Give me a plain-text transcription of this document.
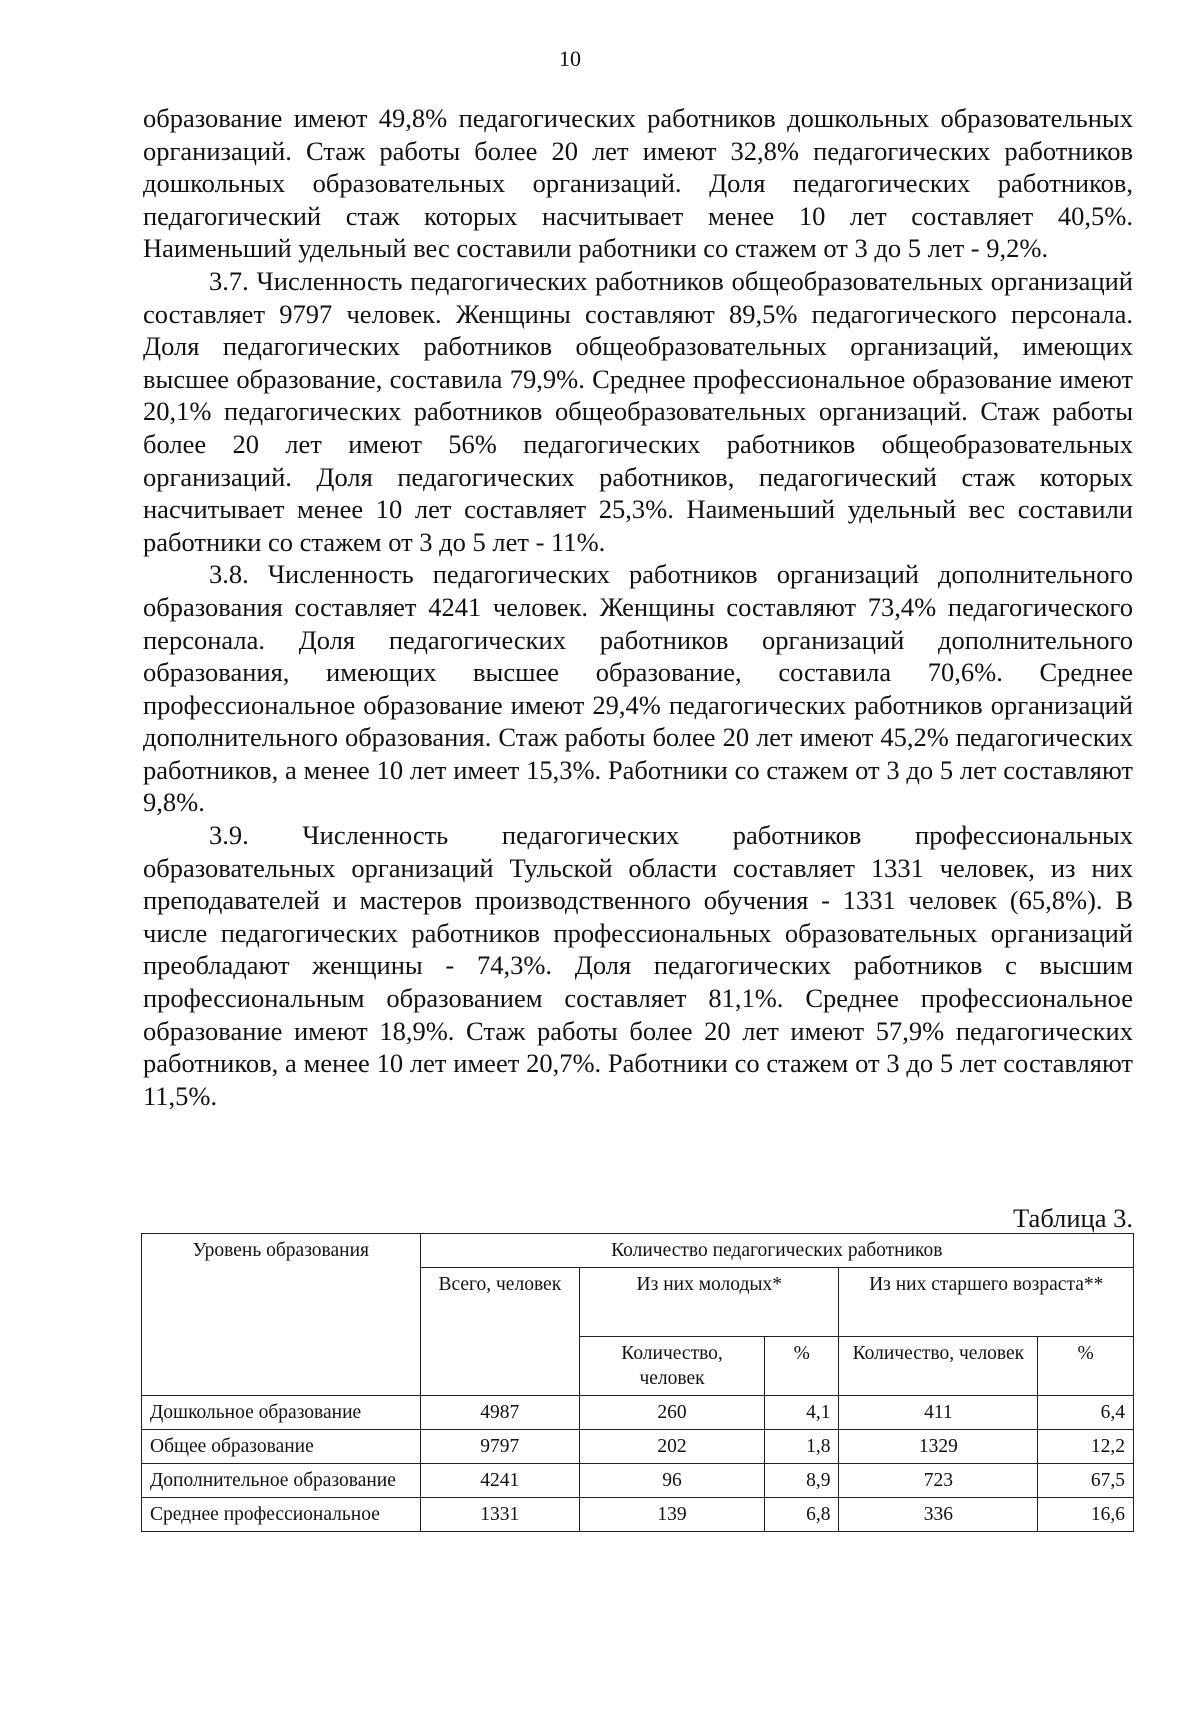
10

образование имеют 49,8% педагогических работников дошкольных образовательных организаций. Стаж работы более 20 лет имеют 32,8% педагогических работников дошкольных образовательных организаций. Доля педагогических работников, педагогический стаж которых насчитывает менее 10 лет составляет 40,5%. Наименьший удельный вес составили работники со стажем от 3 до 5 лет - 9,2%.

3.7. Численность педагогических работников общеобразовательных организаций составляет 9797 человек. Женщины составляют 89,5% педагогического персонала. Доля педагогических работников общеобразовательных организаций, имеющих высшее образование, составила 79,9%. Среднее профессиональное образование имеют 20,1% педагогических работников общеобразовательных организаций. Стаж работы более 20 лет имеют 56% педагогических работников общеобразовательных организаций. Доля педагогических работников, педагогический стаж которых насчитывает менее 10 лет составляет 25,3%. Наименьший удельный вес составили работники со стажем от 3 до 5 лет - 11%.

3.8. Численность педагогических работников организаций дополнительного образования составляет 4241 человек. Женщины составляют 73,4% педагогического персонала. Доля педагогических работников организаций дополнительного образования, имеющих высшее образование, составила 70,6%. Среднее профессиональное образование имеют 29,4% педагогических работников организаций дополнительного образования. Стаж работы более 20 лет имеют 45,2% педагогических работников, а менее 10 лет имеет 15,3%. Работники со стажем от 3 до 5 лет составляют 9,8%.

3.9. Численность педагогических работников профессиональных образовательных организаций Тульской области составляет 1331 человек, из них преподавателей и мастеров производственного обучения - 1331 человек (65,8%). В числе педагогических работников профессиональных образовательных организаций преобладают женщины - 74,3%. Доля педагогических работников с высшим профессиональным образованием составляет 81,1%. Среднее профессиональное образование имеют 18,9%. Стаж работы более 20 лет имеют 57,9% педагогических работников, а менее 10 лет имеет 20,7%. Работники со стажем от 3 до 5 лет составляют 11,5%.

Таблица 3.
Уровень образования	Количество педагогических работников				
	Всего, человек	Из них молодых*		Из них старшего возраста**	
		Количество, человек	%	Количество, человек	%
Дошкольное образование	4987	260	4,1	411	6,4
Общее образование	9797	202	1,8	1329	12,2
Дополнительное образование	4241	96	8,9	723	67,5
Среднее профессиональное	1331	139	6,8	336	16,6
